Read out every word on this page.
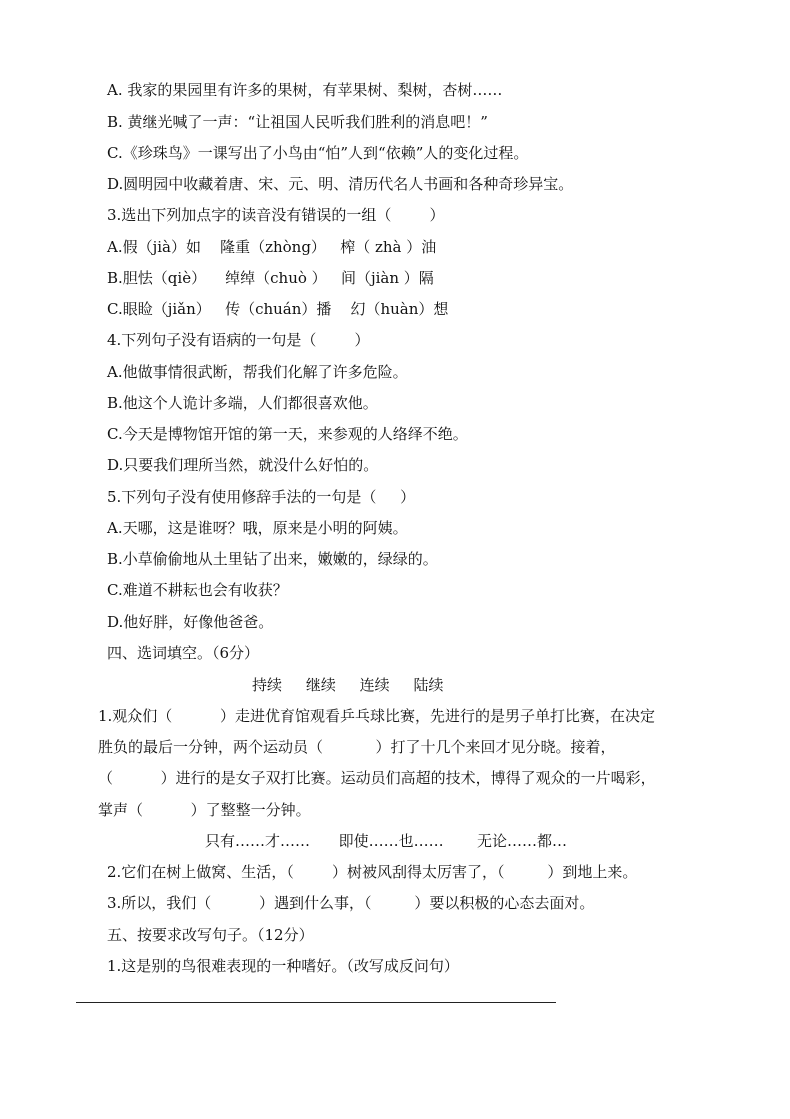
A. 我家的果园里有许多的果树，有苹果树、梨树，杏树……
B. 黄继光喊了一声：“让祖国人民听我们胜利的消息吧！”
C.《珍珠鸟》一课写出了小鸟由“怕”人到“依赖”人的变化过程。
D.圆明园中收藏着唐、宋、元、明、清历代名人书画和各种奇珍异宝。
3.选出下列加点字的读音没有错误的一组（        ）
A.假（jià）如    隆重（zhòng）   榨（ zhà ）油
B.胆怯（qiè）    绰绰（chuò ）   间（jiàn ）隔
C.眼睑（jiǎn）   传（chuán）播    幻（huàn）想
4.下列句子没有语病的一句是（        ）
A.他做事情很武断，帮我们化解了许多危险。
B.他这个人诡计多端，人们都很喜欢他。
C.今天是博物馆开馆的第一天，来参观的人络绎不绝。
D.只要我们理所当然，就没什么好怕的。
5.下列句子没有使用修辞手法的一句是（     ）
A.天哪，这是谁呀？哦，原来是小明的阿姨。
B.小草偷偷地从土里钻了出来，嫩嫩的，绿绿的。
C.难道不耕耘也会有收获？
D.他好胖，好像他爸爸。
四、选词填空。（6分）
持续     继续     连续     陆续
1.观众们（          ）走进优育馆观看乒乓球比赛，先进行的是男子单打比赛，在决定
胜负的最后一分钟，两个运动员（           ）打了十几个来回才见分晓。接着，
（          ）进行的是女子双打比赛。运动员们高超的技术，博得了观众的一片喝彩，
掌声（          ）了整整一分钟。
只有……才……      即使……也……       无论……都…
2.它们在树上做窝、生活，（        ）树被风刮得太厉害了，（         ）到地上来。
3.所以，我们（          ）遇到什么事，（         ）要以积极的心态去面对。
五、按要求改写句子。（12分）
1.这是别的鸟很难表现的一种嗜好。（改写成反问句）
